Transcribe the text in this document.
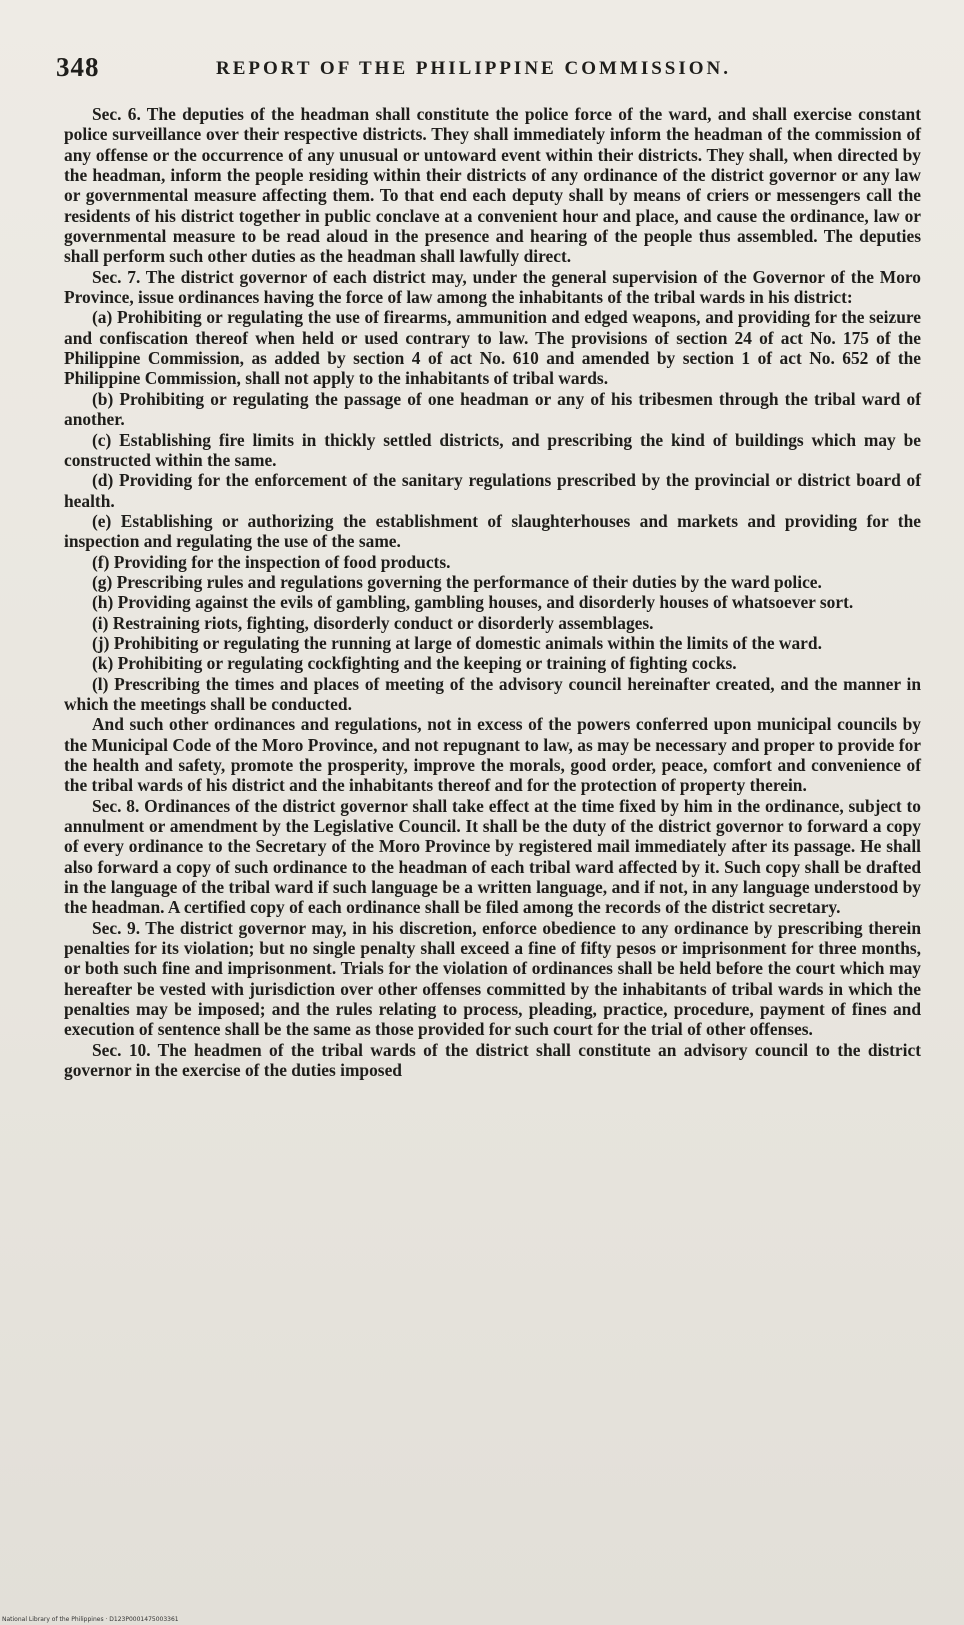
348	REPORT OF THE PHILIPPINE COMMISSION.

Sec. 6. The deputies of the headman shall constitute the police force of the ward, and shall exercise constant police surveillance over their respective districts. They shall immediately inform the headman of the commission of any offense or the occurrence of any unusual or untoward event within their districts. They shall, when directed by the headman, inform the people residing within their districts of any ordinance of the district governor or any law or governmental measure affecting them. To that end each deputy shall by means of criers or messengers call the residents of his district together in public conclave at a convenient hour and place, and cause the ordinance, law or governmental measure to be read aloud in the presence and hearing of the people thus assembled. The deputies shall perform such other duties as the headman shall lawfully direct.

Sec. 7. The district governor of each district may, under the general supervision of the Governor of the Moro Province, issue ordinances having the force of law among the inhabitants of the tribal wards in his district:

(a) Prohibiting or regulating the use of firearms, ammunition and edged weapons, and providing for the seizure and confiscation thereof when held or used contrary to law. The provisions of section 24 of act No. 175 of the Philippine Commission, as added by section 4 of act No. 610 and amended by section 1 of act No. 652 of the Philippine Commission, shall not apply to the inhabitants of tribal wards.

(b) Prohibiting or regulating the passage of one headman or any of his tribesmen through the tribal ward of another.

(c) Establishing fire limits in thickly settled districts, and prescribing the kind of buildings which may be constructed within the same.

(d) Providing for the enforcement of the sanitary regulations prescribed by the provincial or district board of health.

(e) Establishing or authorizing the establishment of slaughterhouses and markets and providing for the inspection and regulating the use of the same.

(f) Providing for the inspection of food products.

(g) Prescribing rules and regulations governing the performance of their duties by the ward police.

(h) Providing against the evils of gambling, gambling houses, and disorderly houses of whatsoever sort.

(i) Restraining riots, fighting, disorderly conduct or disorderly assemblages.

(j) Prohibiting or regulating the running at large of domestic animals within the limits of the ward.

(k) Prohibiting or regulating cockfighting and the keeping or training of fighting cocks.

(l) Prescribing the times and places of meeting of the advisory council hereinafter created, and the manner in which the meetings shall be conducted.

And such other ordinances and regulations, not in excess of the powers conferred upon municipal councils by the Municipal Code of the Moro Province, and not repugnant to law, as may be necessary and proper to provide for the health and safety, promote the prosperity, improve the morals, good order, peace, comfort and convenience of the tribal wards of his district and the inhabitants thereof and for the protection of property therein.

Sec. 8. Ordinances of the district governor shall take effect at the time fixed by him in the ordinance, subject to annulment or amendment by the Legislative Council. It shall be the duty of the district governor to forward a copy of every ordinance to the Secretary of the Moro Province by registered mail immediately after its passage. He shall also forward a copy of such ordinance to the headman of each tribal ward affected by it. Such copy shall be drafted in the language of the tribal ward if such language be a written language, and if not, in any language understood by the headman. A certified copy of each ordinance shall be filed among the records of the district secretary.

Sec. 9. The district governor may, in his discretion, enforce obedience to any ordinance by prescribing therein penalties for its violation; but no single penalty shall exceed a fine of fifty pesos or imprisonment for three months, or both such fine and imprisonment. Trials for the violation of ordinances shall be held before the court which may hereafter be vested with jurisdiction over other offenses committed by the inhabitants of tribal wards in which the penalties may be imposed; and the rules relating to process, pleading, practice, procedure, payment of fines and execution of sentence shall be the same as those provided for such court for the trial of other offenses.

Sec. 10. The headmen of the tribal wards of the district shall constitute an advisory council to the district governor in the exercise of the duties imposed

National Library of the Philippines · D123P0001475003361
